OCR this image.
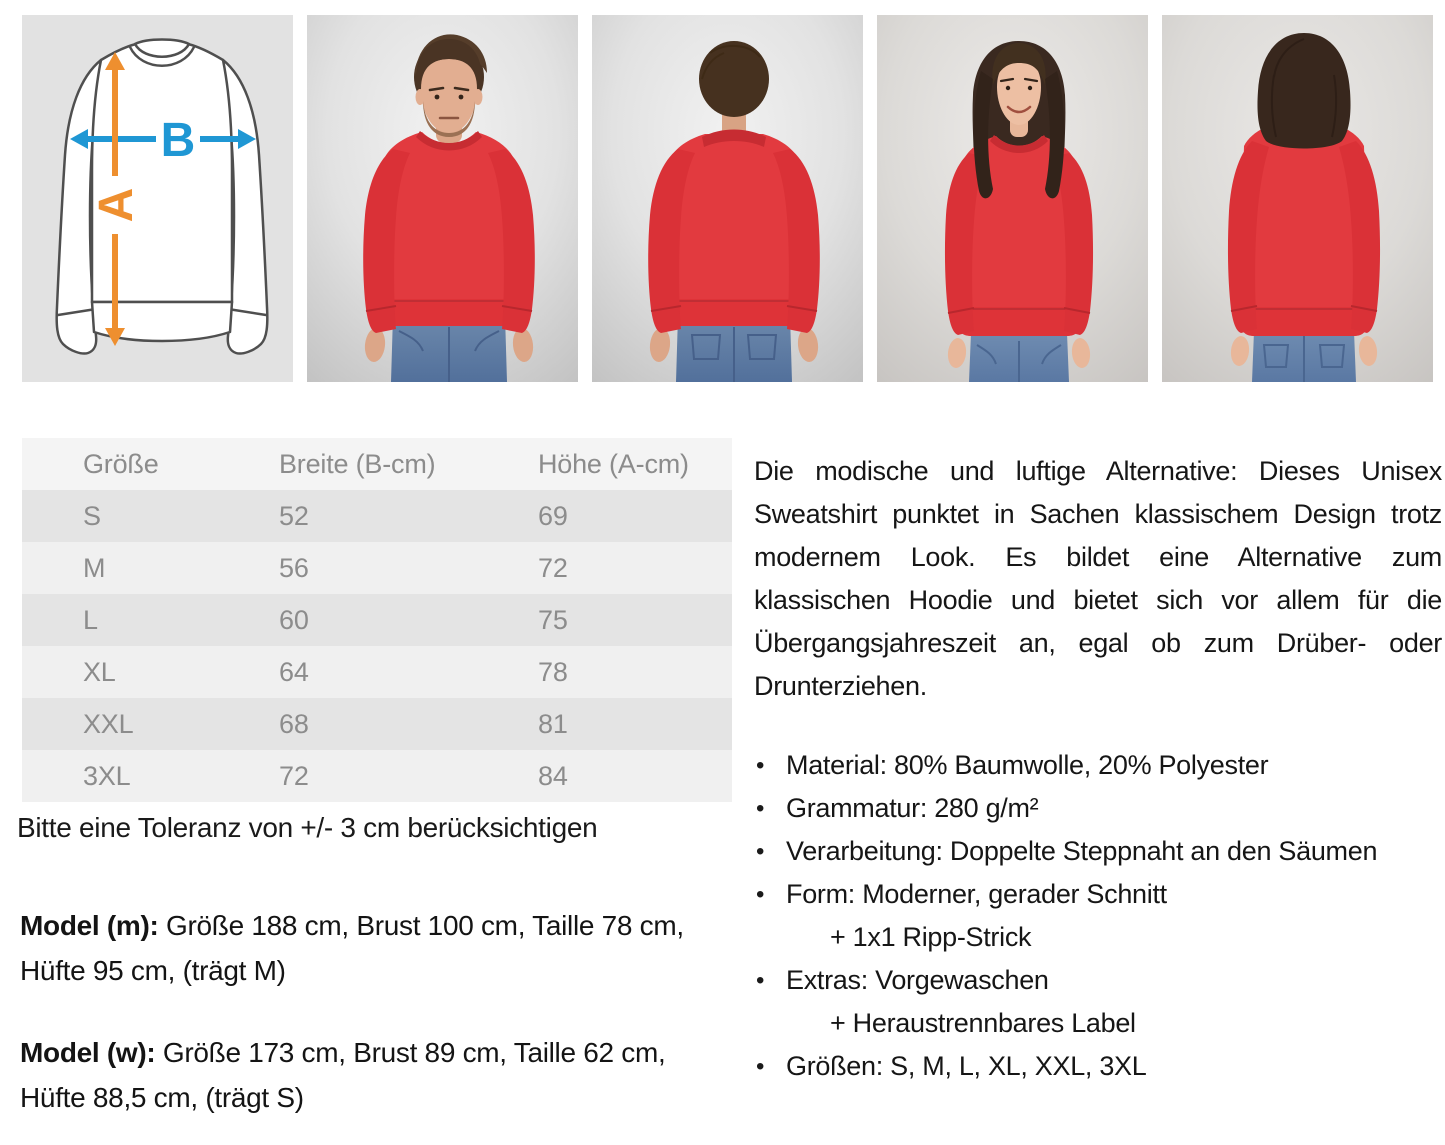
B
A
Größe	Breite (B-cm)	Höhe (A-cm)
S	52	69
M	56	72
L	60	75
XL	64	78
XXL	68	81
3XL	72	84
Bitte eine Toleranz von +/- 3 cm berücksichtigen

Model (m): Größe 188 cm, Brust 100 cm, Taille 78 cm, Hüfte 95 cm, (trägt M)

Model (w): Größe 173 cm, Brust 89 cm, Taille 62 cm, Hüfte 88,5 cm, (trägt S)

Die modische und luftige Alternative: Dieses Unisex Sweatshirt punktet in Sachen klassischem Design trotz modernem Look. Es bildet eine Alternative zum klassischen Hoodie und bietet sich vor allem für die Übergangsjahreszeit an, egal ob zum Drüber- oder Drunterziehen.
• Material: 80% Baumwolle, 20% Polyester
• Grammatur: 280 g/m²
• Verarbeitung: Doppelte Steppnaht an den Säumen
• Form: Moderner, gerader Schnitt
+ 1x1 Ripp-Strick
• Extras: Vorgewaschen
+ Heraustrennbares Label
• Größen: S, M, L, XL, XXL, 3XL
